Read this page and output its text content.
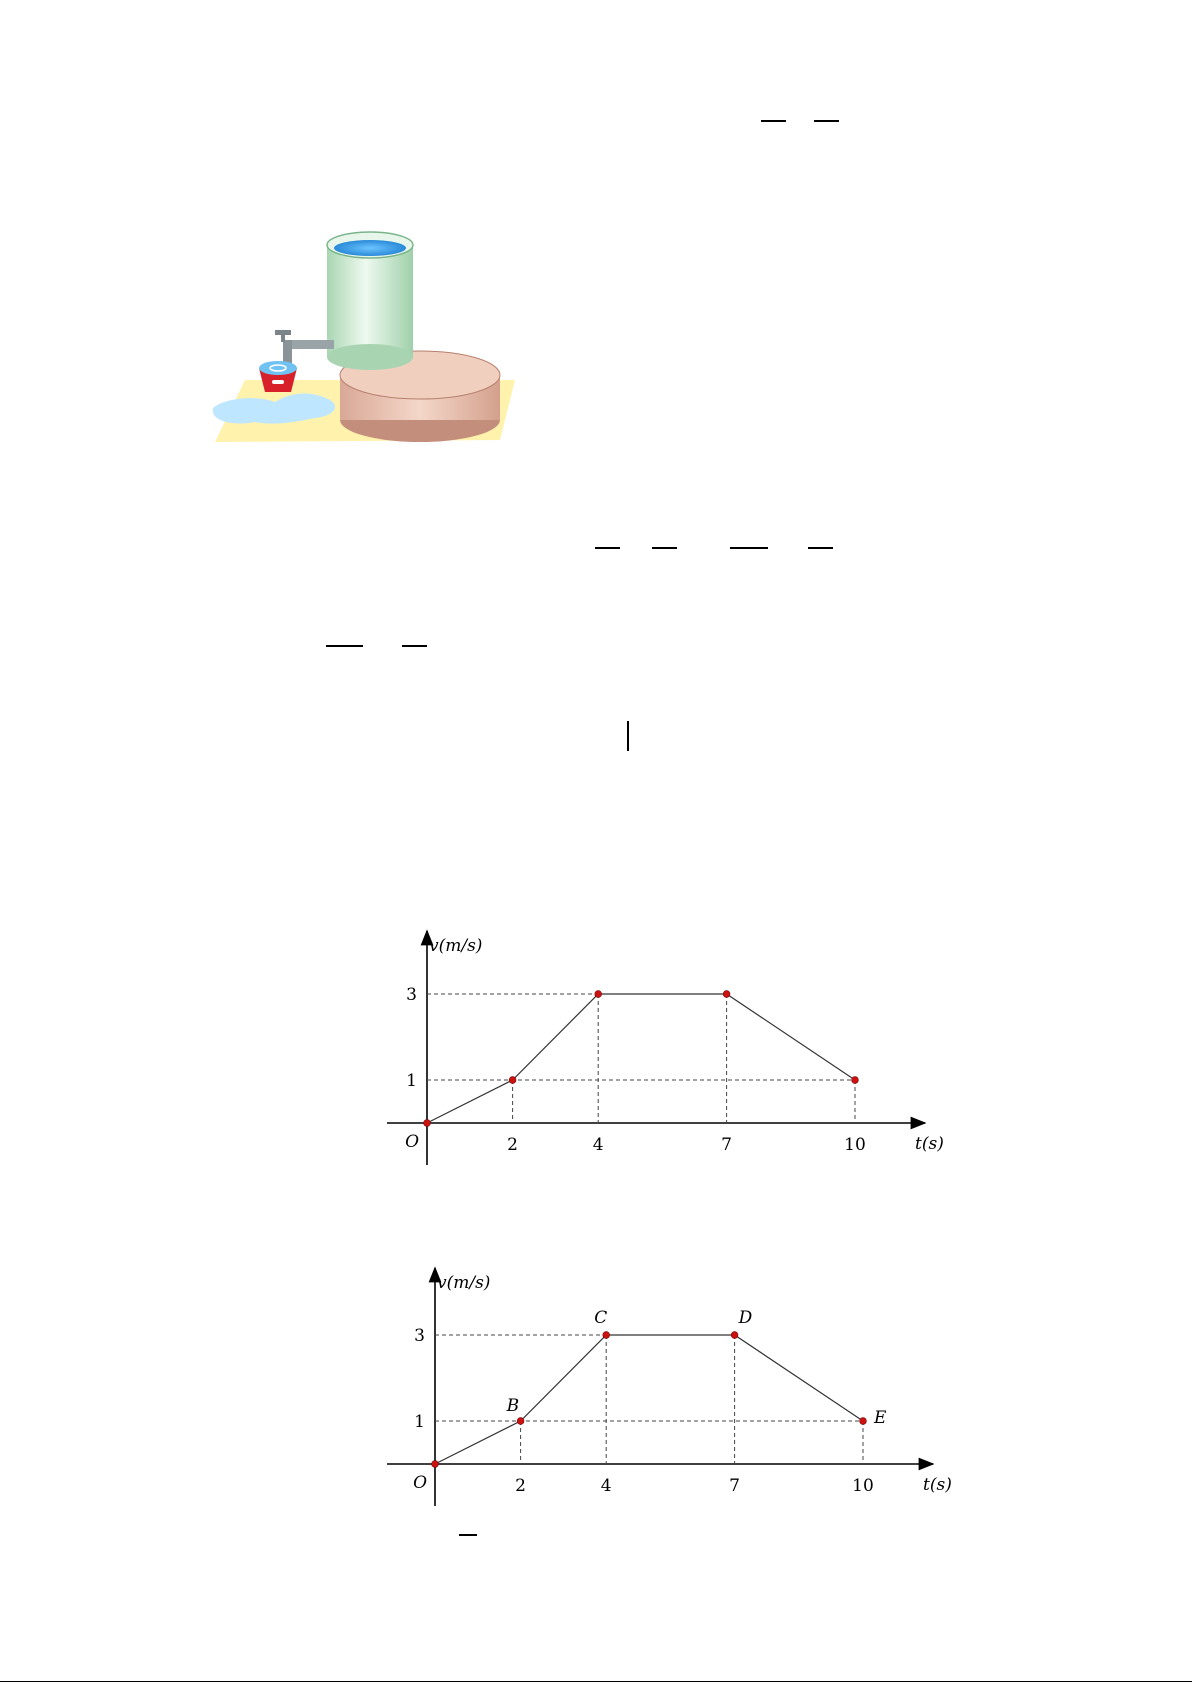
2	4	7	10
1
3
O
v(m/s)
t(s)
2	4	7	10
1
3
O
v(m/s)
t(s)
B
C	D
E
